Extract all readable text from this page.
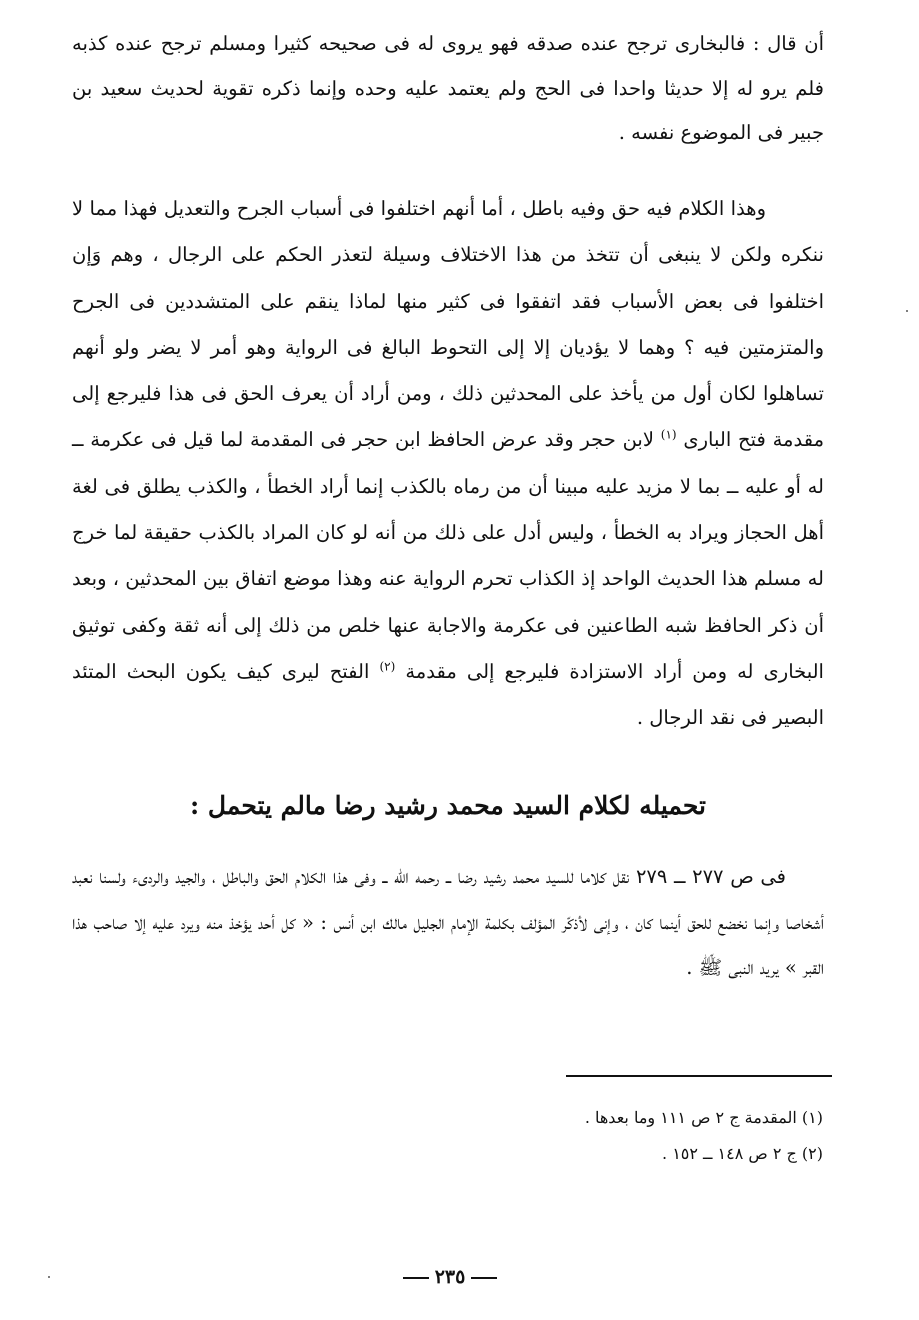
أن قال : فالبخارى ترجح عنده صدقه فهو يروى له فى صحيحه كثيرا ومسلم ترجح عنده كذبه فلم يرو له إلا حديثا واحدا فى الحج ولم يعتمد عليه وحده وإنما ذكره تقوية لحديث سعيد بن جبير فى الموضوع نفسه .

وهذا الكلام فيه حق وفيه باطل ، أما أنهم اختلفوا فى أسباب الجرح والتعديل فهذا مما لا ننكره ولكن لا ينبغى أن تتخذ من هذا الاختلاف وسيلة لتعذر الحكم على الرجال ، وهم وَإن اختلفوا فى بعض الأسباب فقد اتفقوا فى كثير منها لماذا ينقم على المتشددين فى الجرح والمتزمتين فيه ؟ وهما لا يؤديان إلا إلى التحوط البالغ فى الرواية وهو أمر لا يضر ولو أنهم تساهلوا لكان أول من يأخذ على المحدثين ذلك ، ومن أراد أن يعرف الحق فى هذا فليرجع إلى مقدمة فتح البارى $^{(١)}$ لابن حجر وقد عرض الحافظ ابن حجر فى المقدمة لما قيل فى عكرمة ــ له أو عليه ــ بما لا مزيد عليه مبينا أن من رماه بالكذب إنما أراد الخطأ ، والكذب يطلق فى لغة أهل الحجاز ويراد به الخطأ ، وليس أدل على ذلك من أنه لو كان المراد بالكذب حقيقة لما خرج له مسلم هذا الحديث الواحد إذ الكذاب تحرم الرواية عنه وهذا موضع اتفاق بين المحدثين ، وبعد أن ذكر الحافظ شبه الطاعنين فى عكرمة والاجابة عنها خلص من ذلك إلى أنه ثقة وكفى توثيق البخارى له ومن أراد الاستزادة فليرجع إلى مقدمة $^{(٢)}$ الفتح ليرى كيف يكون البحث المتئد البصير فى نقد الرجال .

تحميله لكلام السيد محمد رشيد رضا مالم يتحمل :

فى ص ٢٧٧ ــ ٢٧٩ نقل كلاما للسيد محمد رشيد رضا ــ رحمه الله ــ وفى هذا الكلام الحق والباطل ، والجيد والردىء ولسنا نعبد أشخاصا وإنما نخضع للحق أينما كان ، وإنى لأذكّر المؤلف بكلمة الإمام الجليل مالك ابن أنس : « كل أحد يؤخذ منه ويرد عليه إلا صاحب هذا القبر » يريد النبى ﷺ .

(١) المقدمة ج ٢ ص ١١١ وما بعدها .
(٢) ج ٢ ص ١٤٨ ــ ١٥٢ .
٢٣٥
